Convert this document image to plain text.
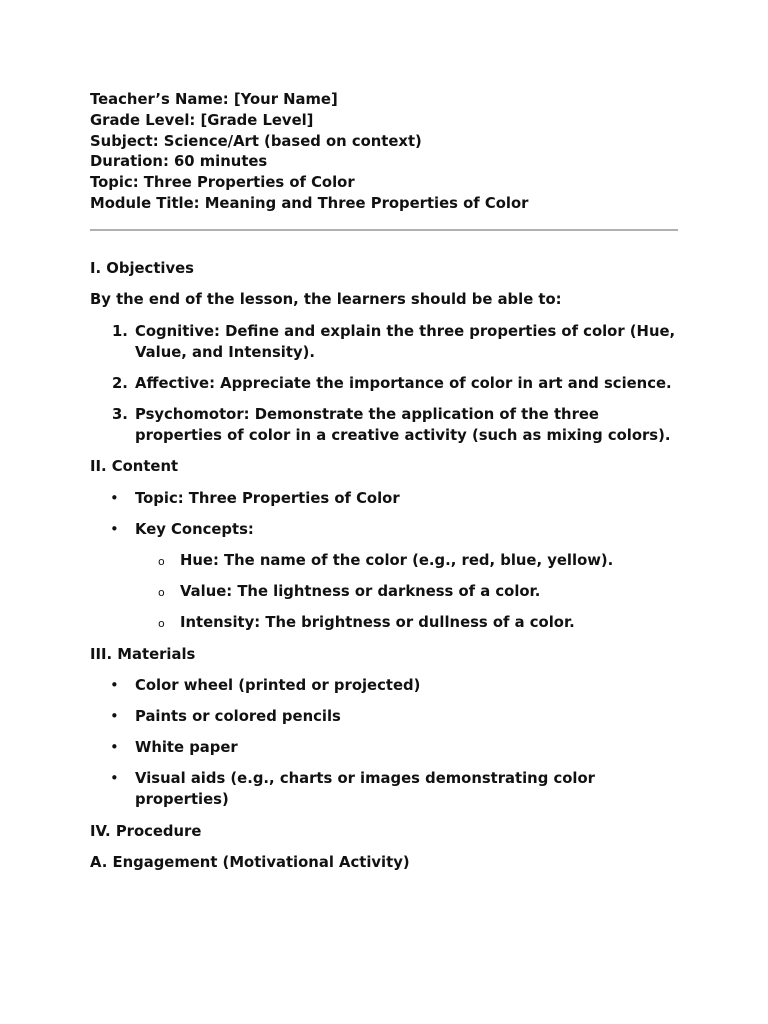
Teacher’s Name: [Your Name]

Grade Level: [Grade Level]

Subject: Science/Art (based on context)

Duration: 60 minutes

Topic: Three Properties of Color

Module Title: Meaning and Three Properties of Color

I. Objectives

By the end of the lesson, the learners should be able to:

1. Cognitive: Define and explain the three properties of color (Hue, Value, and Intensity).
2. Affective: Appreciate the importance of color in art and science.
3. Psychomotor: Demonstrate the application of the three properties of color in a creative activity (such as mixing colors).

II. Content

• Topic: Three Properties of Color
• Key Concepts:
o Hue: The name of the color (e.g., red, blue, yellow).
o Value: The lightness or darkness of a color.
o Intensity: The brightness or dullness of a color.

III. Materials

• Color wheel (printed or projected)
• Paints or colored pencils
• White paper
• Visual aids (e.g., charts or images demonstrating color properties)

IV. Procedure

A. Engagement (Motivational Activity)
